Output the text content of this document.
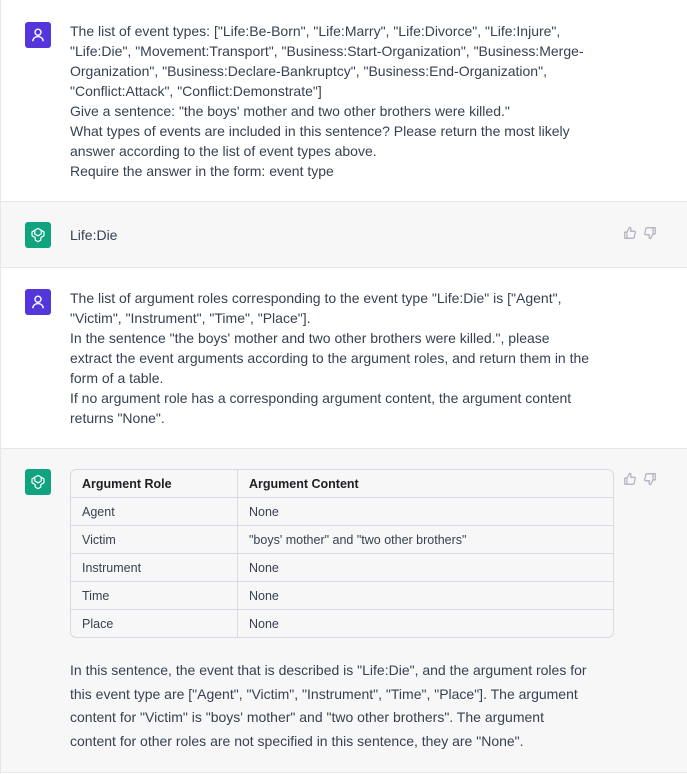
The list of event types: ["Life:Be-Born", "Life:Marry", "Life:Divorce", "Life:Injure",

"Life:Die", "Movement:Transport", "Business:Start-Organization", "Business:Merge-

Organization", "Business:Declare-Bankruptcy", "Business:End-Organization",

"Conflict:Attack", "Conflict:Demonstrate"]

Give a sentence: "the boys' mother and two other brothers were killed."

What types of events are included in this sentence? Please return the most likely

answer according to the list of event types above.

Require the answer in the form: event type

Life:Die

The list of argument roles corresponding to the event type "Life:Die" is ["Agent",

"Victim", "Instrument", "Time", "Place"].

In the sentence "the boys' mother and two other brothers were killed.", please

extract the event arguments according to the argument roles, and return them in the

form of a table.

If no argument role has a corresponding argument content, the argument content

returns "None".

Argument Role	Argument Content
Agent	None
Victim	"boys' mother" and "two other brothers"
Instrument	None
Time	None
Place	None

In this sentence, the event that is described is "Life:Die", and the argument roles for

this event type are ["Agent", "Victim", "Instrument", "Time", "Place"]. The argument

content for "Victim" is "boys' mother" and "two other brothers". The argument

content for other roles are not specified in this sentence, they are "None".
